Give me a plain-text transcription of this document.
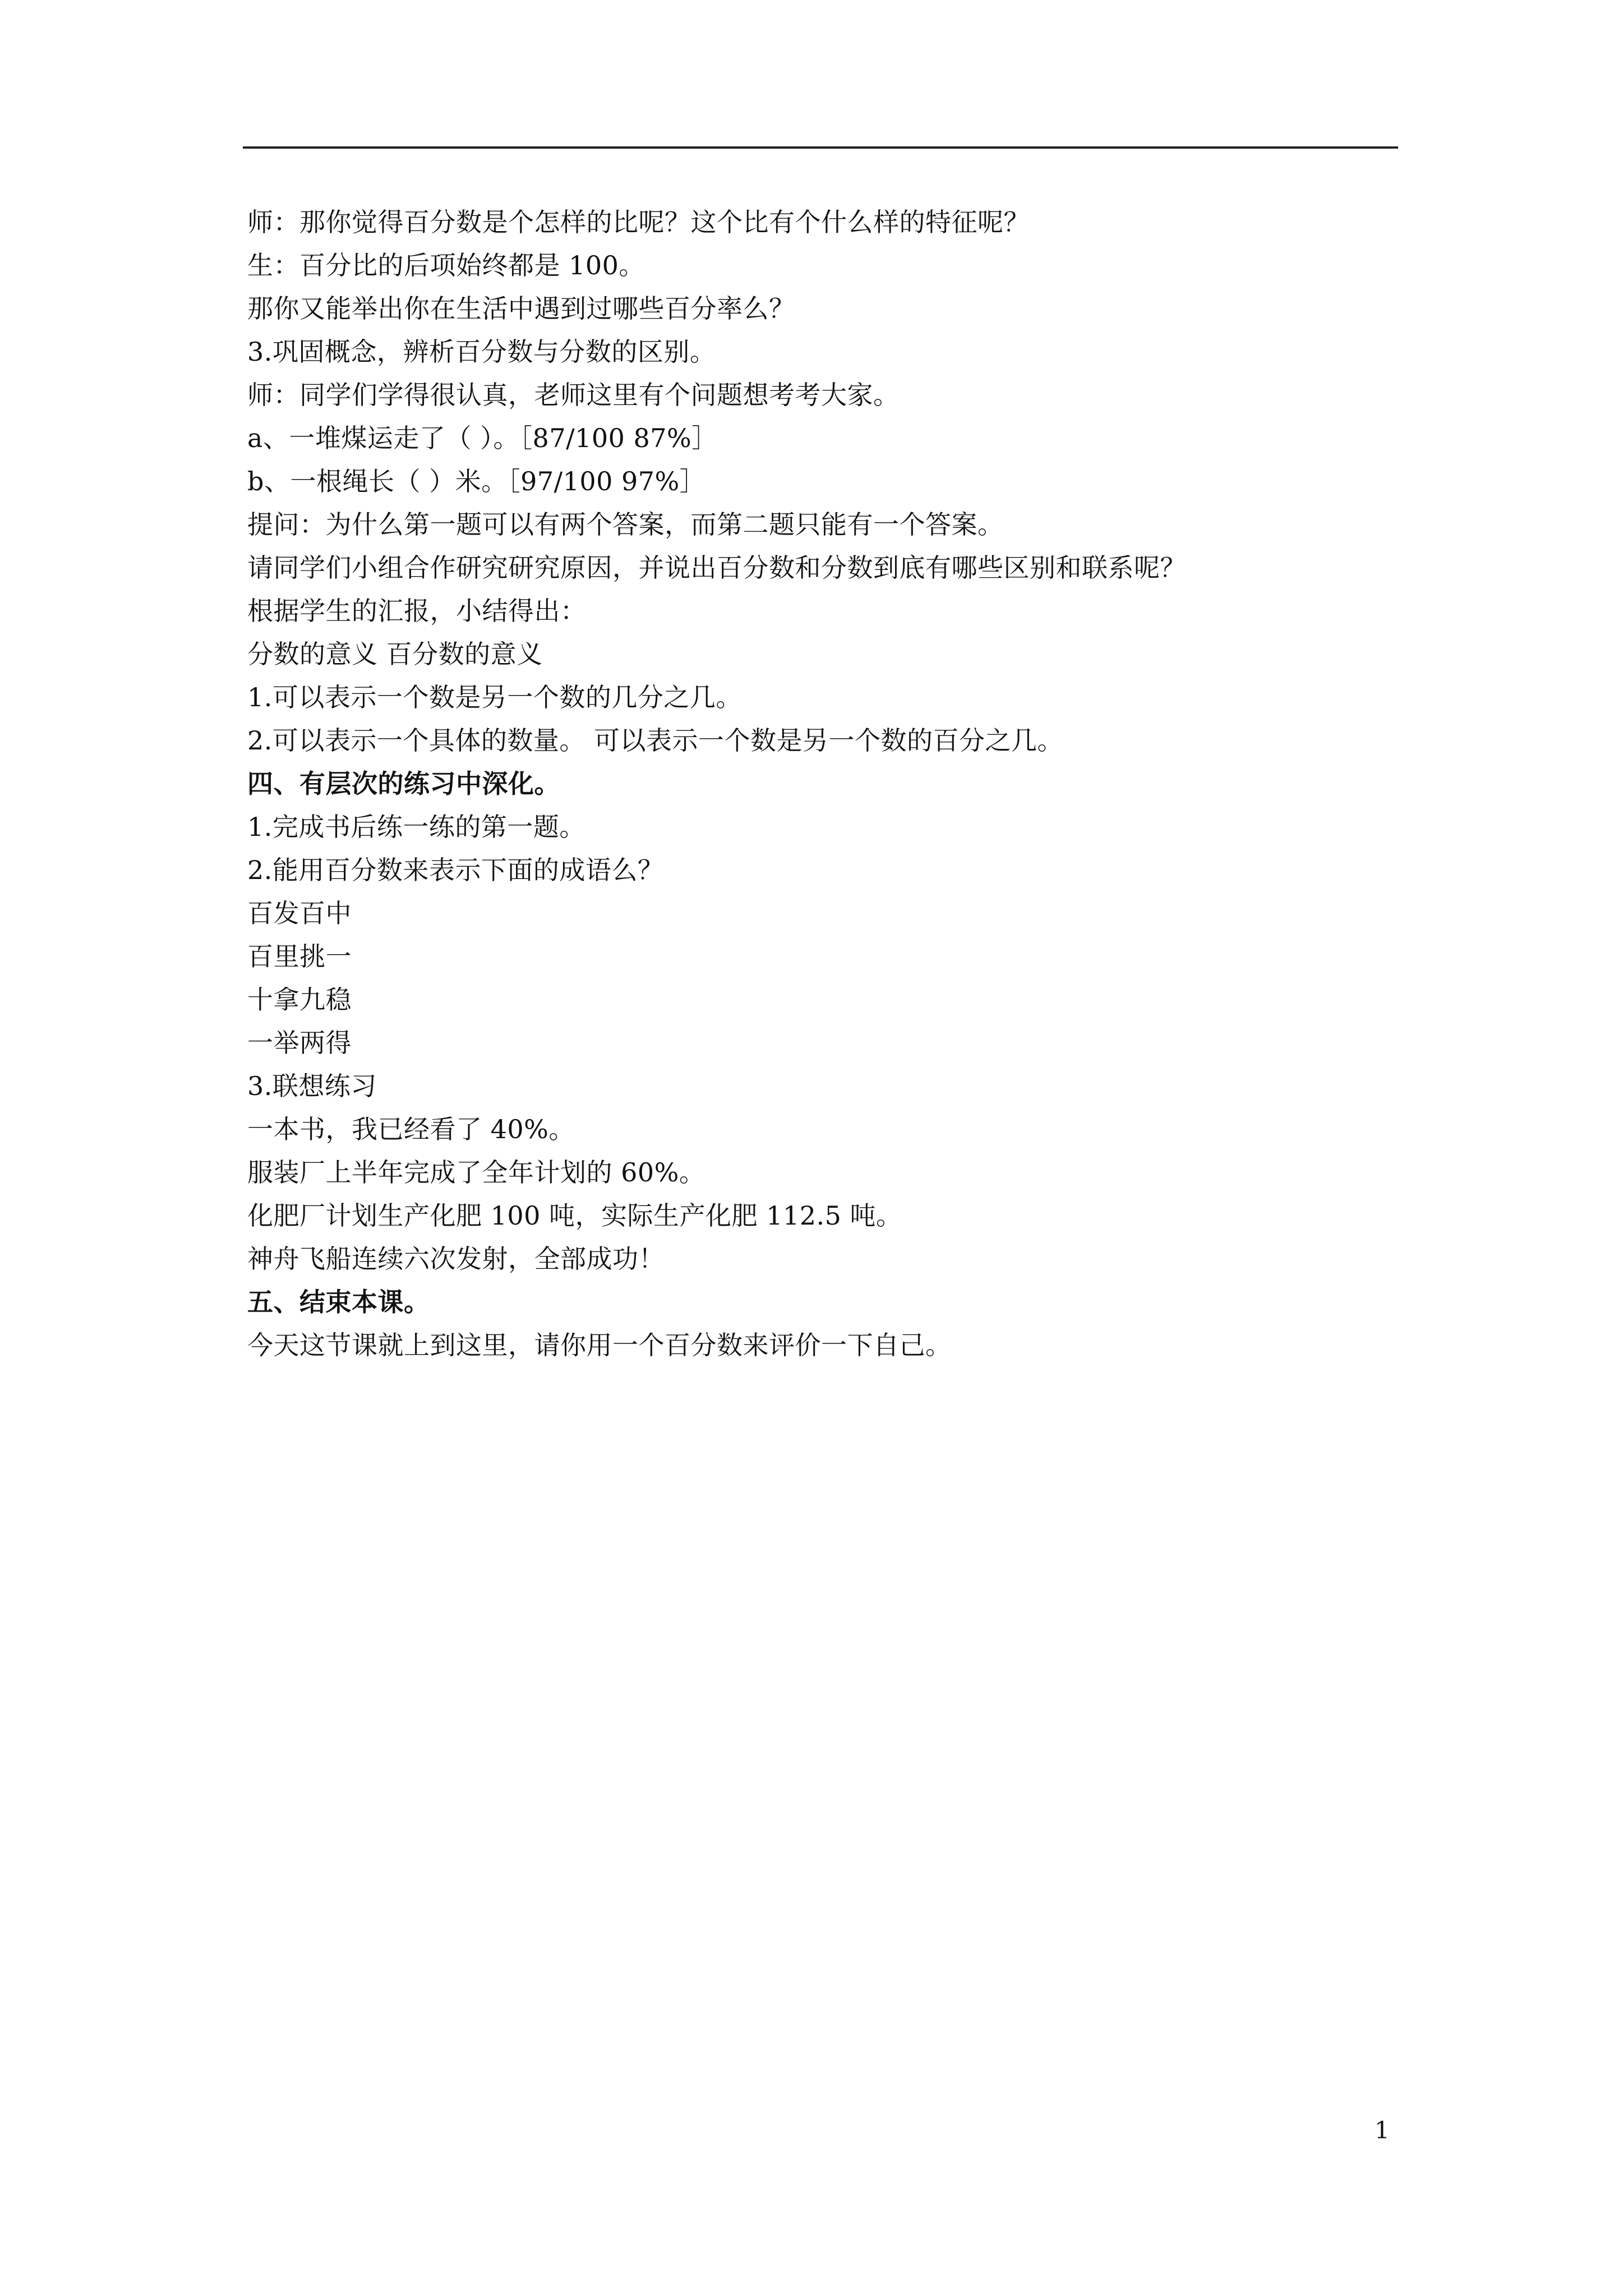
师：那你觉得百分数是个怎样的比呢？这个比有个什么样的特征呢？
生：百分比的后项始终都是 100。
那你又能举出你在生活中遇到过哪些百分率么？
3.巩固概念，辨析百分数与分数的区别。
师：同学们学得很认真，老师这里有个问题想考考大家。
a、一堆煤运走了（ ）。［87/100 87%］
b、一根绳长（ ）米。［97/100 97%］
提问：为什么第一题可以有两个答案，而第二题只能有一个答案。
请同学们小组合作研究研究原因，并说出百分数和分数到底有哪些区别和联系呢？
根据学生的汇报，小结得出：
分数的意义 百分数的意义
1.可以表示一个数是另一个数的几分之几。
2.可以表示一个具体的数量。 可以表示一个数是另一个数的百分之几。
四、有层次的练习中深化。
1.完成书后练一练的第一题。
2.能用百分数来表示下面的成语么？
百发百中
百里挑一
十拿九稳
一举两得
3.联想练习
一本书，我已经看了 40%。
服装厂上半年完成了全年计划的 60%。
化肥厂计划生产化肥 100 吨，实际生产化肥 112.5 吨。
神舟飞船连续六次发射，全部成功！
五、结束本课。
今天这节课就上到这里，请你用一个百分数来评价一下自己。
1
